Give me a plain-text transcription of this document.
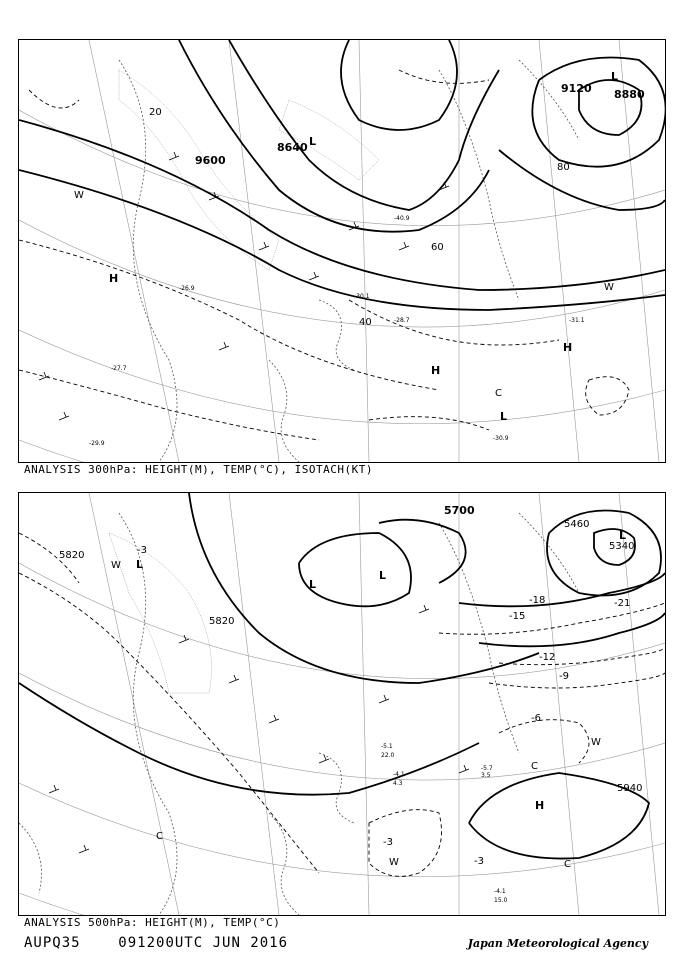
9600
9120 8880
8640
20
40
60
80
-40.9
-30.1
-31.1
-28.7
-30.9
-27.7
-26.9
-29.9
H
H
H
L
L
L
C
W
W
ANALYSIS 300hPa: HEIGHT(M), TEMP(°C), ISOTACH(KT)
5820
5820
5700
5460
5340
5940
-3
-6
-9
-12
-15
-18	-21
-3
-3
L
L
L
L
H
W
W
W
C
C
C
-4.1
15.0
-5.7
3.5
-5.1
22.0
-4.1
4.3
ANALYSIS 500hPa: HEIGHT(M), TEMP(°C)
AUPQ35	091200UTC JUN 2016	Japan Meteorological Agency
